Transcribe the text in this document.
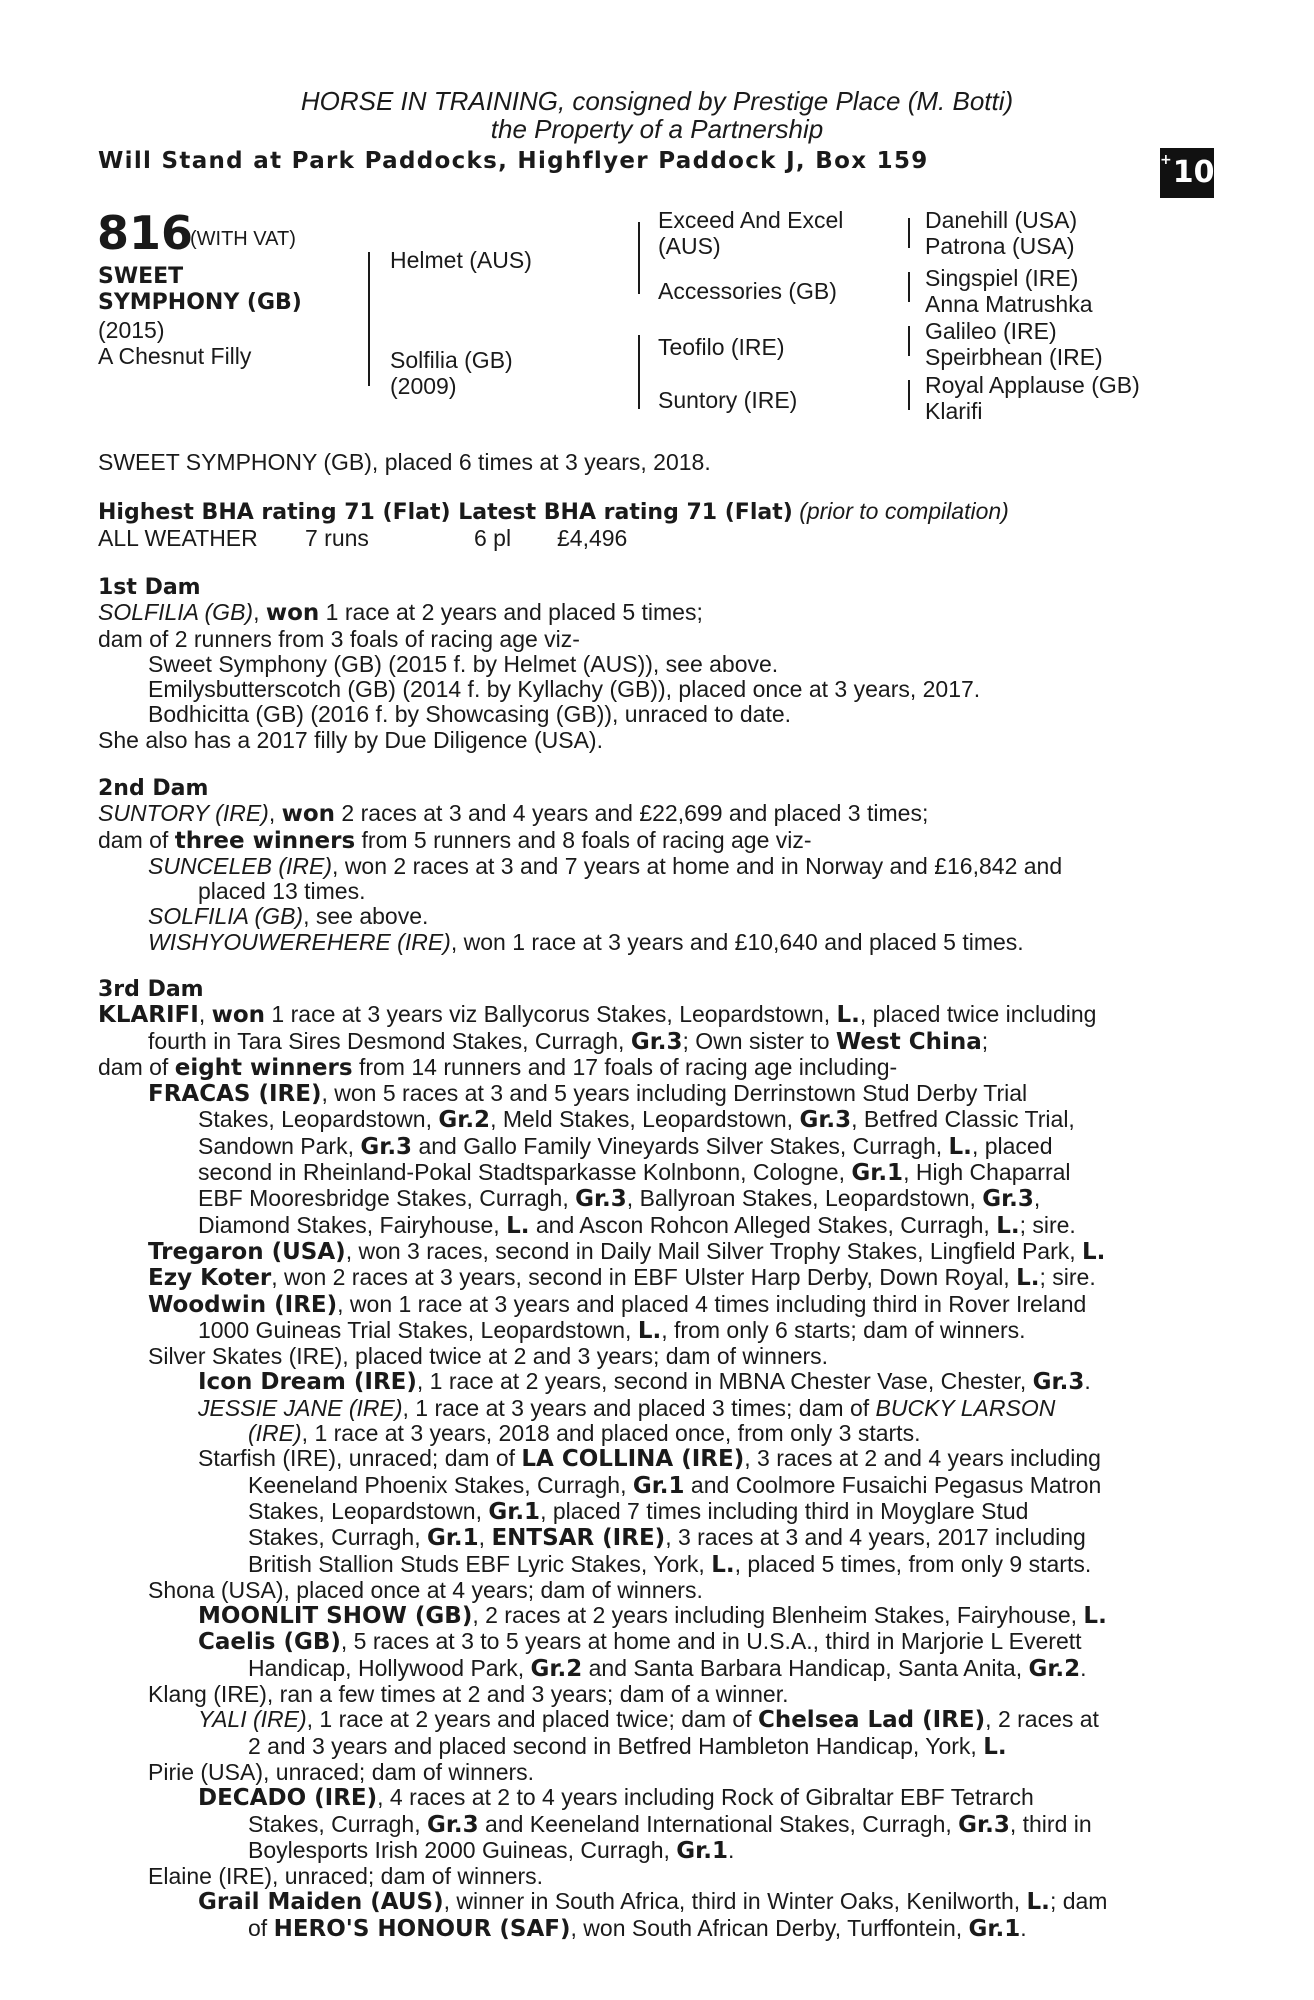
HORSE IN TRAINING, consigned by Prestige Place (M. Botti)
the Property of a Partnership
Will Stand at Park Paddocks, Highflyer Paddock J, Box 159	+10
816
(WITH VAT)
SWEET
SYMPHONY (GB)
(2015)
A Chesnut Filly
Helmet (AUS)
Solfilia (GB)
(2009)
Exceed And Excel
(AUS)
Accessories (GB)
Teofilo (IRE)
Suntory (IRE)
Danehill (USA)
Patrona (USA)
Singspiel (IRE)
Anna Matrushka
Galileo (IRE)
Speirbhean (IRE)
Royal Applause (GB)
Klarifi
SWEET SYMPHONY (GB), placed 6 times at 3 years, 2018.
Highest BHA rating 71 (Flat) Latest BHA rating 71 (Flat) (prior to compilation)
ALL WEATHER 7 runs	6 pl £4,496
1st Dam
SOLFILIA (GB), won 1 race at 2 years and placed 5 times;
dam of 2 runners from 3 foals of racing age viz-
Sweet Symphony (GB) (2015 f. by Helmet (AUS)), see above.
Emilysbutterscotch (GB) (2014 f. by Kyllachy (GB)), placed once at 3 years, 2017.
Bodhicitta (GB) (2016 f. by Showcasing (GB)), unraced to date.
She also has a 2017 filly by Due Diligence (USA).
2nd Dam
SUNTORY (IRE), won 2 races at 3 and 4 years and £22,699 and placed 3 times;
dam of three winners from 5 runners and 8 foals of racing age viz-
SUNCELEB (IRE), won 2 races at 3 and 7 years at home and in Norway and £16,842 and
placed 13 times.
SOLFILIA (GB), see above.
WISHYOUWEREHERE (IRE), won 1 race at 3 years and £10,640 and placed 5 times.
3rd Dam
KLARIFI, won 1 race at 3 years viz Ballycorus Stakes, Leopardstown, L., placed twice including
fourth in Tara Sires Desmond Stakes, Curragh, Gr.3; Own sister to West China;
dam of eight winners from 14 runners and 17 foals of racing age including-
FRACAS (IRE), won 5 races at 3 and 5 years including Derrinstown Stud Derby Trial
Stakes, Leopardstown, Gr.2, Meld Stakes, Leopardstown, Gr.3, Betfred Classic Trial,
Sandown Park, Gr.3 and Gallo Family Vineyards Silver Stakes, Curragh, L., placed
second in Rheinland-Pokal Stadtsparkasse Kolnbonn, Cologne, Gr.1, High Chaparral
EBF Mooresbridge Stakes, Curragh, Gr.3, Ballyroan Stakes, Leopardstown, Gr.3,
Diamond Stakes, Fairyhouse, L. and Ascon Rohcon Alleged Stakes, Curragh, L.; sire.
Tregaron (USA), won 3 races, second in Daily Mail Silver Trophy Stakes, Lingfield Park, L.
Ezy Koter, won 2 races at 3 years, second in EBF Ulster Harp Derby, Down Royal, L.; sire.
Woodwin (IRE), won 1 race at 3 years and placed 4 times including third in Rover Ireland
1000 Guineas Trial Stakes, Leopardstown, L., from only 6 starts; dam of winners.
Silver Skates (IRE), placed twice at 2 and 3 years; dam of winners.
Icon Dream (IRE), 1 race at 2 years, second in MBNA Chester Vase, Chester, Gr.3.
JESSIE JANE (IRE), 1 race at 3 years and placed 3 times; dam of BUCKY LARSON
(IRE), 1 race at 3 years, 2018 and placed once, from only 3 starts.
Starfish (IRE), unraced; dam of LA COLLINA (IRE), 3 races at 2 and 4 years including
Keeneland Phoenix Stakes, Curragh, Gr.1 and Coolmore Fusaichi Pegasus Matron
Stakes, Leopardstown, Gr.1, placed 7 times including third in Moyglare Stud
Stakes, Curragh, Gr.1, ENTSAR (IRE), 3 races at 3 and 4 years, 2017 including
British Stallion Studs EBF Lyric Stakes, York, L., placed 5 times, from only 9 starts.
Shona (USA), placed once at 4 years; dam of winners.
MOONLIT SHOW (GB), 2 races at 2 years including Blenheim Stakes, Fairyhouse, L.
Caelis (GB), 5 races at 3 to 5 years at home and in U.S.A., third in Marjorie L Everett
Handicap, Hollywood Park, Gr.2 and Santa Barbara Handicap, Santa Anita, Gr.2.
Klang (IRE), ran a few times at 2 and 3 years; dam of a winner.
YALI (IRE), 1 race at 2 years and placed twice; dam of Chelsea Lad (IRE), 2 races at
2 and 3 years and placed second in Betfred Hambleton Handicap, York, L.
Pirie (USA), unraced; dam of winners.
DECADO (IRE), 4 races at 2 to 4 years including Rock of Gibraltar EBF Tetrarch
Stakes, Curragh, Gr.3 and Keeneland International Stakes, Curragh, Gr.3, third in
Boylesports Irish 2000 Guineas, Curragh, Gr.1.
Elaine (IRE), unraced; dam of winners.
Grail Maiden (AUS), winner in South Africa, third in Winter Oaks, Kenilworth, L.; dam
of HERO'S HONOUR (SAF), won South African Derby, Turffontein, Gr.1.
